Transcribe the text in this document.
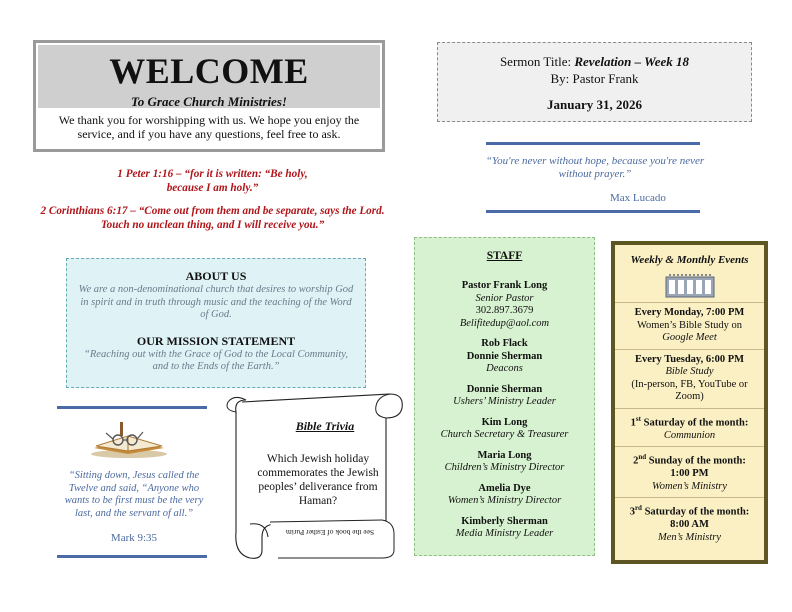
WELCOME
To Grace Church Ministries!
We thank you for worshipping with us. We hope you enjoy the service, and if you have any questions, feel free to ask.
Sermon Title: Revelation – Week 18
By: Pastor Frank
January 31, 2026
“You're never without hope, because you're never without prayer.”
Max Lucado
1 Peter 1:16 – “for it is written: “Be holy, because I am holy.”
2 Corinthians 6:17 – “Come out from them and be separate, says the Lord. Touch no unclean thing, and I will receive you.”
ABOUT US

We are a non-denominational church that desires to worship God in spirit and in truth through music and the teaching of the Word of God.

OUR MISSION STATEMENT

“Reaching out with the Grace of God to the Local Community, and to the Ends of the Earth.”

“Sitting down, Jesus called the Twelve and said, “Anyone who wants to be first must be the very last, and the servant of all.”
Mark 9:35
Bible Trivia
Which Jewish holiday commemorates the Jewish peoples’ deliverance from Haman?
See the book of Esther Purim
STAFF
Pastor Frank Long
Senior Pastor
302.897.3679
Belifitedup@aol.com
Rob Flack
Donnie Sherman
Deacons
Donnie Sherman
Ushers’ Ministry Leader
Kim Long
Church Secretary & Treasurer
Maria Long
Children’s Ministry Director
Amelia Dye
Women’s Ministry Director
Kimberly Sherman
Media Ministry Leader
Weekly & Monthly Events
Every Monday, 7:00 PM
Women’s Bible Study on
Google Meet
Every Tuesday, 6:00 PM
Bible Study
(In-person, FB, YouTube or Zoom)
1st Saturday of the month:
Communion
2nd Sunday of the month:
1:00 PM
Women’s Ministry
3rd Saturday of the month:
8:00 AM
Men’s Ministry
